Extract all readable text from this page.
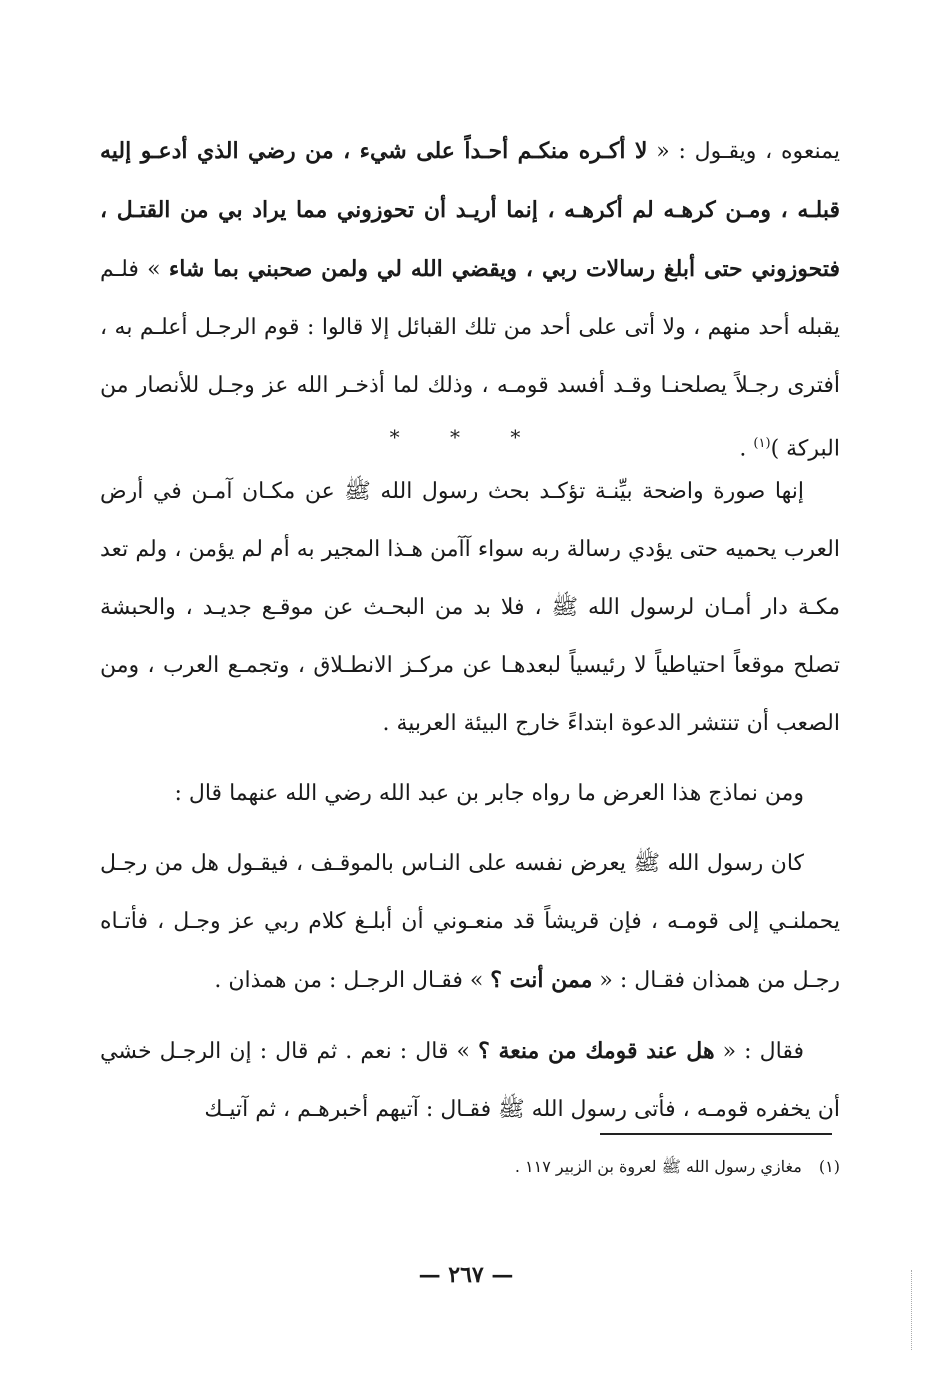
يمنعوه ، ويقـول : « لا أكـره منكـم أحـداً على شيء ، من رضي الذي أدعـو إليه قبلـه ، ومـن كرهـه لم أكرهـه ، إنما أريـد أن تحوزوني مما يراد بي من القتـل ، فتحوزوني حتى أبلغ رسالات ربي ، ويقضي الله لي ولمن صحبني بما شاء » فلـم يقبله أحد منهم ، ولا أتى على أحد من تلك القبائل إلا قالوا : قوم الرجـل أعلـم به ، أفترى رجـلاً يصلحنـا وقـد أفسد قومـه ، وذلك لما أذخـر الله عز وجـل للأنصار من البركة )$^{(١)}$ .

* * *

إنها صورة واضحة بيِّنـة تؤكـد بحث رسول الله ﷺ عن مكـان آمـن في أرض العرب يحميه حتى يؤدي رسالة ربه سواء آآمن هـذا المجير به أم لم يؤمن ، ولم تعد مكـة دار أمـان لرسول الله ﷺ ، فلا بد من البحـث عن موقـع جديـد ، والحبشة تصلح موقعاً احتياطياً لا رئيسياً لبعدهـا عن مركـز الانطـلاق ، وتجمـع العرب ، ومن الصعب أن تنتشر الدعوة ابتداءً خارج البيئة العربية .

ومن نماذج هذا العرض ما رواه جابر بن عبد الله رضي الله عنهما قال :

كان رسول الله ﷺ يعرض نفسه على النـاس بالموقـف ، فيقـول هل من رجـل يحملنـي إلى قومـه ، فإن قريشاً قد منعـوني أن أبلـغ كلام ربي عز وجـل ، فأتـاه رجـل من همذان فقـال : « ممن أنت ؟ » فقـال الرجـل : من همذان .

فقال : « هل عند قومك من منعة ؟ » قال : نعم . ثم قال : إن الرجـل خشي أن يخفره قومـه ، فأتى رسول الله ﷺ فقـال : آتيهم أخبرهـم ، ثم آتيـك

(١) مغازي رسول الله ﷺ لعروة بن الزبير ١١٧ .
— ٢٦٧ —
